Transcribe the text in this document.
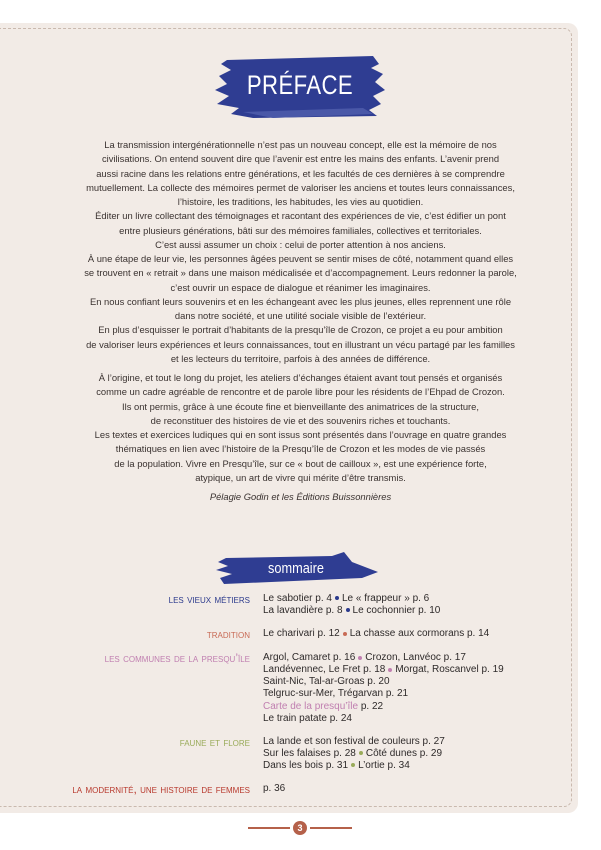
PRÉFACE
La transmission intergénérationnelle n’est pas un nouveau concept, elle est la mémoire de nos
civilisations. On entend souvent dire que l’avenir est entre les mains des enfants. L’avenir prend
aussi racine dans les relations entre générations, et les facultés de ces dernières à se comprendre
mutuellement. La collecte des mémoires permet de valoriser les anciens et toutes leurs connaissances,
l’histoire, les traditions, les habitudes, les vies au quotidien.
Éditer un livre collectant des témoignages et racontant des expériences de vie, c’est édifier un pont
entre plusieurs générations, bâti sur des mémoires familiales, collectives et territoriales.
C’est aussi assumer un choix : celui de porter attention à nos anciens.
À une étape de leur vie, les personnes âgées peuvent se sentir mises de côté, notamment quand elles
se trouvent en « retrait » dans une maison médicalisée et d’accompagnement. Leurs redonner la parole,
c’est ouvrir un espace de dialogue et réanimer les imaginaires.
En nous confiant leurs souvenirs et en les échangeant avec les plus jeunes, elles reprennent une rôle
dans notre société, et une utilité sociale visible de l’extérieur.
En plus d’esquisser le portrait d’habitants de la presqu’île de Crozon, ce projet a eu pour ambition
de valoriser leurs expériences et leurs connaissances, tout en illustrant un vécu partagé par les familles
et les lecteurs du territoire, parfois à des années de différence.
À l’origine, et tout le long du projet, les ateliers d’échanges étaient avant tout pensés et organisés
comme un cadre agréable de rencontre et de parole libre pour les résidents de l’Ehpad de Crozon.
Ils ont permis, grâce à une écoute fine et bienveillante des animatrices de la structure,
de reconstituer des histoires de vie et des souvenirs riches et touchants.
Les textes et exercices ludiques qui en sont issus sont présentés dans l’ouvrage en quatre grandes
thématiques en lien avec l’histoire de la Presqu’île de Crozon et les modes de vie passés
de la population. Vivre en Presqu’île, sur ce « bout de cailloux », est une expérience forte,
atypique, un art de vivre qui mérite d’être transmis.
Pélagie Godin et les Éditions Buissonnières
sommaire
les vieux métiers Le sabotier p. 4 Le « frappeur » p. 6
La lavandière p. 8 Le cochonnier p. 10
tradition Le charivari p. 12 La chasse aux cormorans p. 14
les communes de la presqu’île Argol, Camaret p. 16 Crozon, Lanvéoc p. 17
Landévennec, Le Fret p. 18 Morgat, Roscanvel p. 19
Saint-Nic, Tal-ar-Groas p. 20
Telgruc-sur-Mer, Trégarvan p. 21
Carte de la presqu’île p. 22
Le train patate p. 24
faune et flore La lande et son festival de couleurs p. 27
Sur les falaises p. 28 Côté dunes p. 29
Dans les bois p. 31 L’ortie p. 34
la modernité, une histoire de femmes p. 36
3
